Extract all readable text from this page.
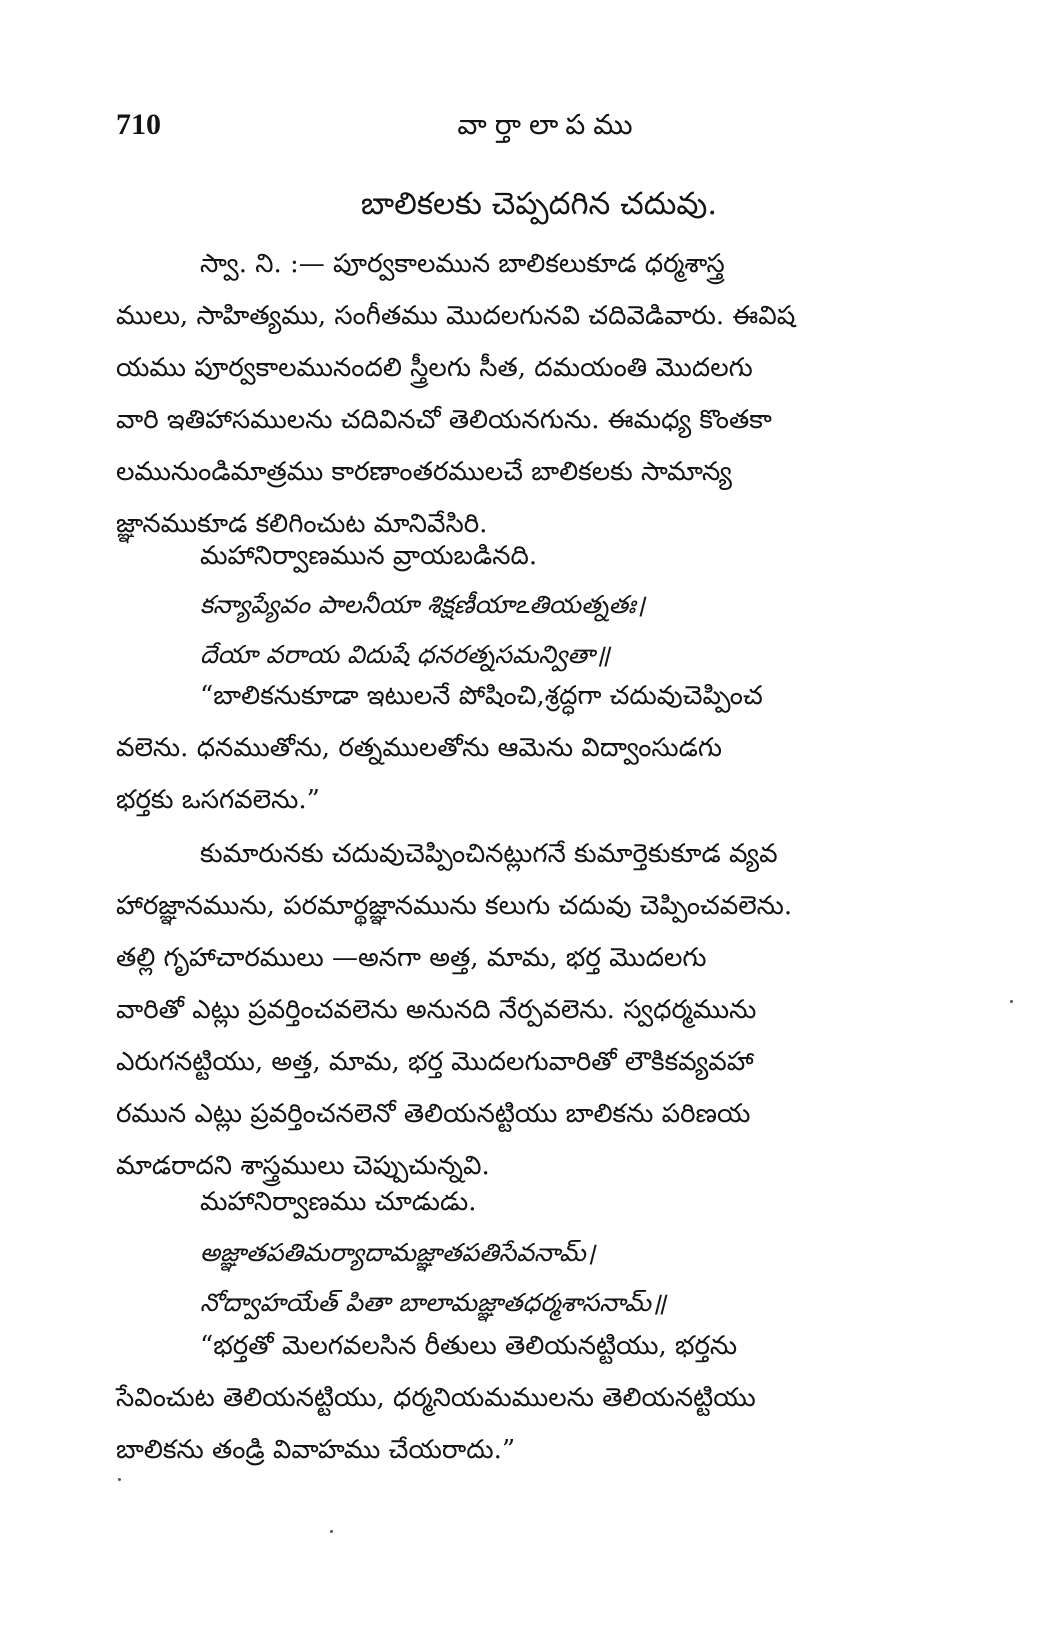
710	వార్తాలాపము
బాలికలకు చెప్పదగిన చదువు.
స్వా. ని. :— పూర్వకాలమున బాలికలుకూడ ధర్మశాస్త్ర
ములు, సాహిత్యము, సంగీతము మొదలగునవి చదివెడివారు. ఈవిష
యము పూర్వకాలమునందలి స్త్రీలగు సీత, దమయంతి మొదలగు
వారి ఇతిహాసములను చదివినచో తెలియనగును. ఈమధ్య కొంతకా
లమునుండిమాత్రము కారణాంతరములచే బాలికలకు సామాన్య
జ్ఞానముకూడ కలిగించుట మానివేసిరి.
మహానిర్వాణమున వ్రాయబడినది.
కన్యాప్యేవం పాలనీయా శిక్షణీయాఽతియత్నతః।
దేయా వరాయ విదుషే ధనరత్నసమన్వితా॥
“బాలికనుకూడా ఇటులనే పోషించి,శ్రద్ధగా చదువుచెప్పించ
వలెను. ధనముతోను, రత్నములతోను ఆమెను విద్వాంసుడగు
భర్తకు ఒసగవలెను.”
కుమారునకు చదువుచెప్పించినట్లుగనే కుమార్తెకుకూడ వ్యవ
హారజ్ఞానమును, పరమార్థజ్ఞానమును కలుగు చదువు చెప్పించవలెను.
తల్లి గృహాచారములు —అనగా అత్త, మామ, భర్త మొదలగు
వారితో ఎట్లు ప్రవర్తించవలెను అనునది నేర్పవలెను. స్వధర్మమును
ఎరుగనట్టియు, అత్త, మామ, భర్త మొదలగువారితో లౌకికవ్యవహా
రమున ఎట్లు ప్రవర్తించనలెనో తెలియనట్టియు బాలికను పరిణయ
మాడరాదని శాస్త్రములు చెప్పుచున్నవి.
మహానిర్వాణము చూడుడు.
అజ్ఞాతపతిమర్యాదామజ్ఞాతపతిసేవనామ్।
నోద్వాహయేత్ పితా బాలామజ్ఞాతధర్మశాసనామ్॥
“భర్తతో మెలగవలసిన రీతులు తెలియనట్టియు, భర్తను
సేవించుట తెలియనట్టియు, ధర్మనియమములను తెలియనట్టియు
బాలికను తండ్రి వివాహము చేయరాదు.”
